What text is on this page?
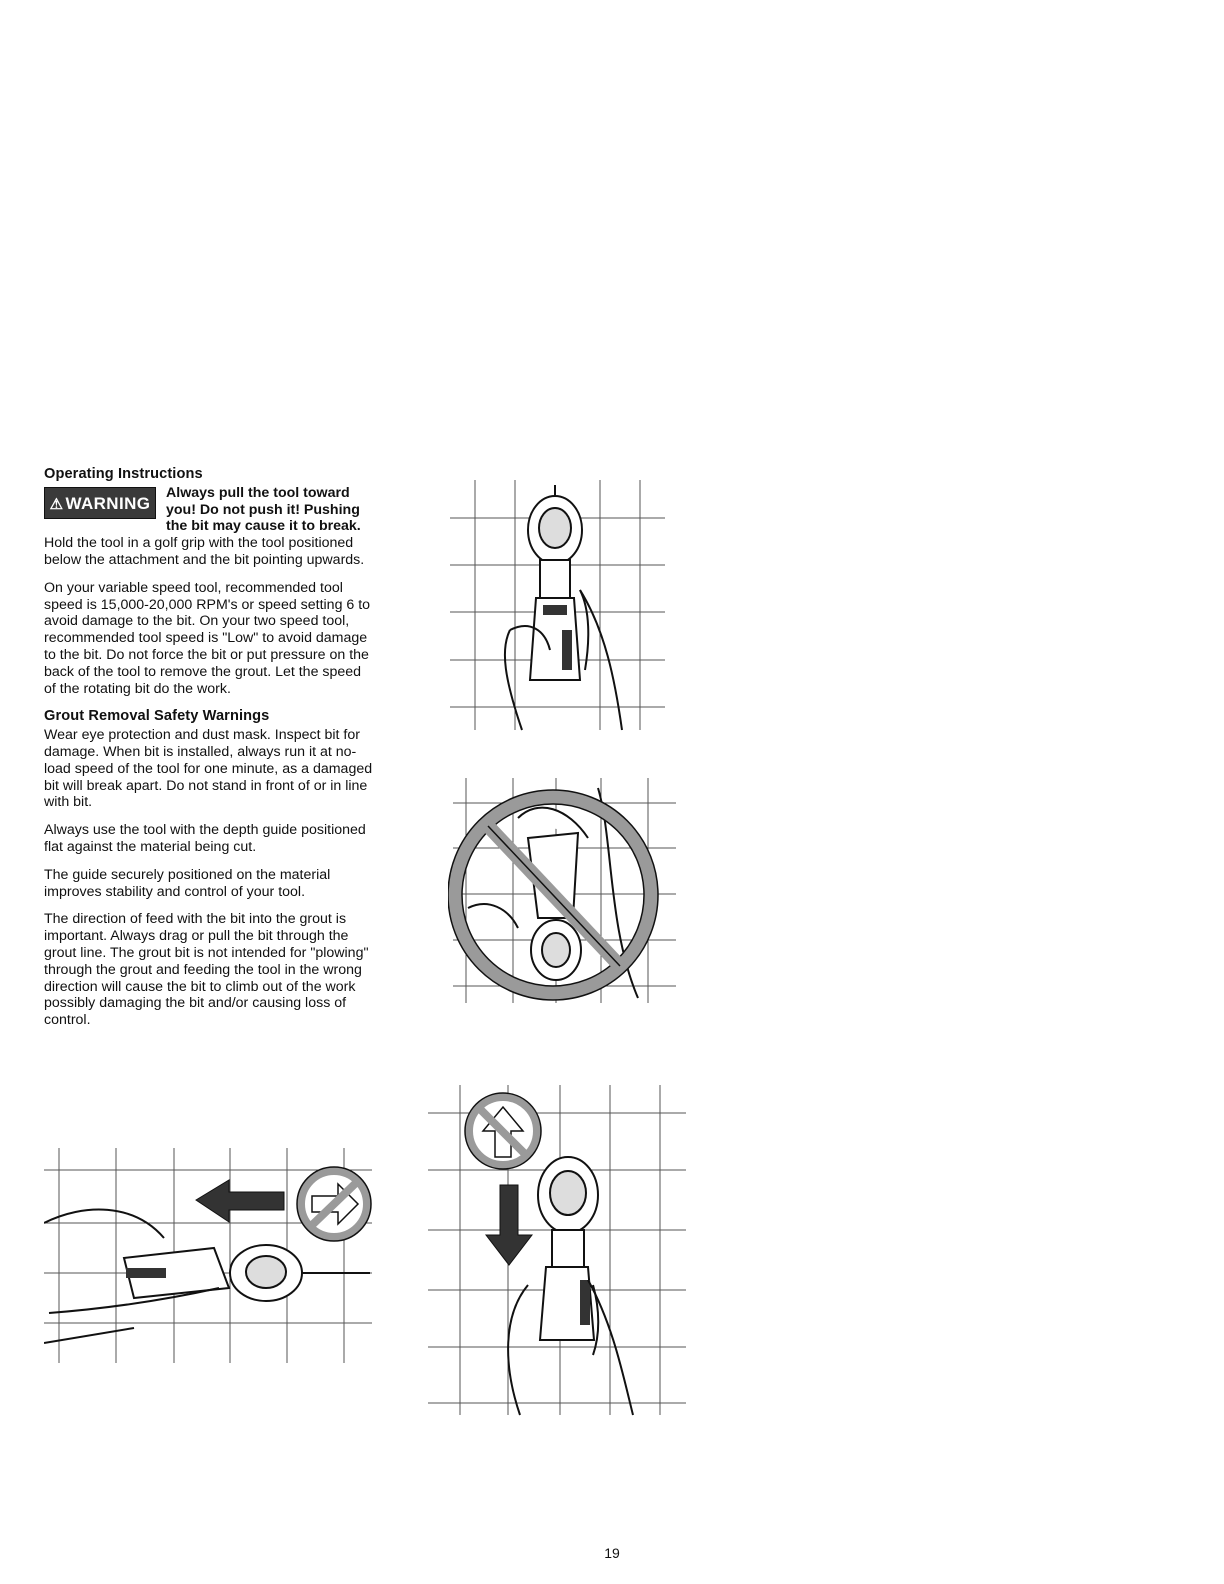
Operating Instructions
⚠ WARNING

Always pull the tool toward you! Do not push it! Pushing the bit may cause it to break. Hold the tool in a golf grip with the tool positioned below the attachment and the bit pointing upwards.

On your variable speed tool, recommended tool speed is 15,000-20,000 RPM's or speed setting 6 to avoid damage to the bit. On your two speed tool, recommended tool speed is "Low" to avoid damage to the bit. Do not force the bit or put pressure on the back of the tool to remove the grout. Let the speed of the rotating bit do the work.

Grout Removal Safety Warnings

Wear eye protection and dust mask. Inspect bit for damage. When bit is installed, always run it at no-load speed of the tool for one minute, as a damaged bit will break apart. Do not stand in front of or in line with bit.

Always use the tool with the depth guide positioned flat against the material being cut.

The guide securely positioned on the material improves stability and control of your tool.

The direction of feed with the bit into the grout is important. Always drag or pull the bit through the grout line. The grout bit is not intended for "plowing" through the grout and feeding the tool in the wrong direction will cause the bit to climb out of the work possibly damaging the bit and/or causing loss of control.

19
